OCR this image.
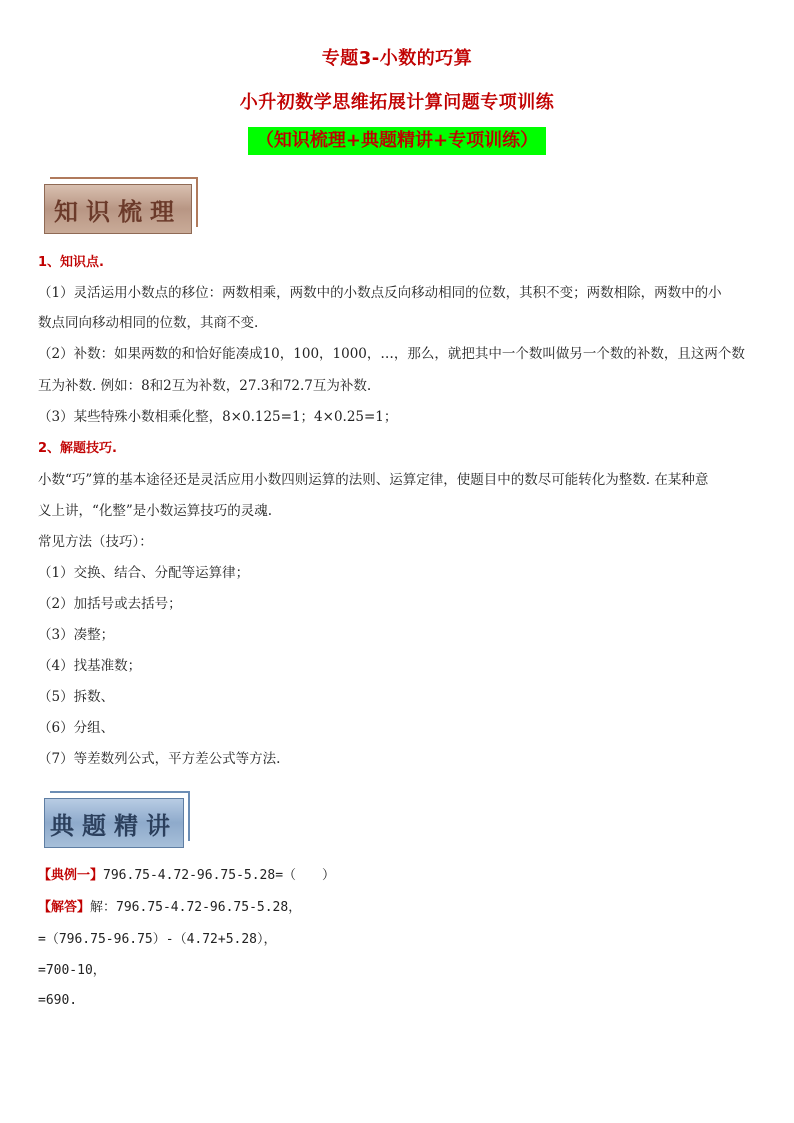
专题3-小数的巧算
小升初数学思维拓展计算问题专项训练
（知识梳理+典题精讲+专项训练）
知识梳理
1、知识点.
（1）灵活运用小数点的移位：两数相乘，两数中的小数点反向移动相同的位数，其积不变；两数相除，两数中的小
数点同向移动相同的位数，其商不变.
（2）补数：如果两数的和恰好能凑成10，100，1000，…，那么，就把其中一个数叫做另一个数的补数，且这两个数
互为补数. 例如：8和2互为补数，27.3和72.7互为补数.
（3）某些特殊小数相乘化整，8×0.125=1；4×0.25=1；
2、解题技巧.
小数“巧”算的基本途径还是灵活应用小数四则运算的法则、运算定律，使题目中的数尽可能转化为整数. 在某种意
义上讲，“化整”是小数运算技巧的灵魂.
常见方法（技巧）：
（1）交换、结合、分配等运算律；
（2）加括号或去括号；
（3）凑整；
（4）找基准数；
（5）拆数、
（6）分组、
（7）等差数列公式，平方差公式等方法.
典题精讲
【典例一】796.75-4.72-96.75-5.28=（　　）
【解答】解：796.75-4.72-96.75-5.28，
=（796.75-96.75）-（4.72+5.28），
=700-10，
=690.
